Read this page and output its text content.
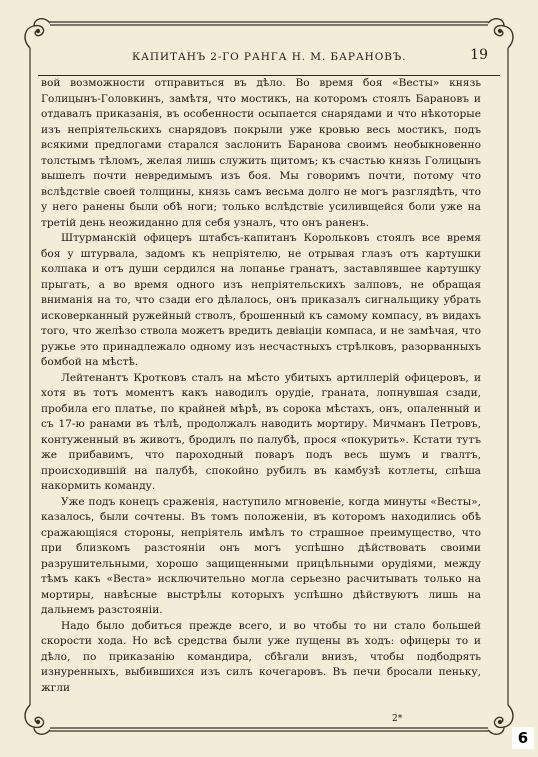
КАПИТАНЪ 2-ГО РАНГА Н. М. БАРАНОВЪ.	19

вой возможности отправиться въ дѣло. Во время боя «Весты» князь Голицынъ-Головкинъ, замѣтя, что мостикъ, на которомъ стоялъ Барановъ и отдавалъ приказанія, въ особенности осыпается снарядами и что нѣкоторые изъ непріятельскихъ снарядовъ покрыли уже кровью весь мостикъ, подъ всякими предлогами старался заслонить Баранова своимъ необыкновенно толстымъ тѣломъ, желая лишь служить щитомъ; къ счастью князь Голицынъ вышелъ почти невредимымъ изъ боя. Мы говоримъ почти, потому что вслѣдствіе своей толщины, князь самъ весьма долго не могъ разглядѣть, что у него ранены были обѣ ноги; только вслѣдствіе усиливщейся боли уже на третій день неожиданно для себя узналъ, что онъ раненъ.

Штурманскій офицеръ штабсъ-капитанъ Корольковъ стоялъ все время боя у штурвала, задомъ къ непріятелю, не отрывая глазъ отъ картушки колпака и отъ души сердился на лопанье гранатъ, заставлявшее картушку прыгать, а во время одного изъ непріятельскихъ залповъ, не обращая вниманія на то, что сзади его дѣлалось, онъ приказалъ сигнальщику убрать исковерканный ружейный стволъ, брошенный къ самому компасу, въ видахъ того, что желѣзо ствола можетъ вредить девіаціи компаса, и не замѣчая, что ружье это принадлежало одному изъ несчастныхъ стрѣлковъ, разорванныхъ бомбой на мѣстѣ.

Лейтенантъ Кротковъ сталъ на мѣсто убитыхъ артиллерій офицеровъ, и хотя въ тотъ моментъ какъ наводилъ орудіе, граната, лопнувшая сзади, пробила его платье, по крайней мѣрѣ, въ сорока мѣстахъ, онъ, опаленный и съ 17-ю ранами въ тѣлѣ, продолжалъ наводить мортиру. Мичманъ Петровъ, контуженный въ животъ, бродилъ по палубѣ, прося «покурить». Кстати тутъ же прибавимъ, что пароходный поваръ подъ весь шумъ и гвалтъ, происходившій на палубѣ, спокойно рубилъ въ камбузѣ котлеты, спѣша накормить команду.

Уже подъ конецъ сраженія, наступило мгновеніе, когда минуты «Весты», казалось, были сочтены. Въ томъ положеніи, въ которомъ находились обѣ сражающіяся стороны, непріятель имѣлъ то страшное преимущество, что при близкомъ разстояніи онъ могъ успѣшно дѣйствовать своими разрушительными, хорошо защищенными прицѣльными орудіями, между тѣмъ какъ «Веста» исключительно могла серьезно расчитывать только на мортиры, навѣсные выстрѣлы которыхъ успѣшно дѣйствуютъ лишь на дальнемъ разстояніи.

Надо было добиться прежде всего, и во чтобы то ни стало большей скорости хода. Но всѣ средства были уже пущены въ ходъ: офицеры то и дѣло, по приказанію командира, сбѣгали внизъ, чтобы подбодрять изнуренныхъ, выбившихся изъ силъ кочегаровъ. Въ печи бросали пеньку, жгли

2*
6
